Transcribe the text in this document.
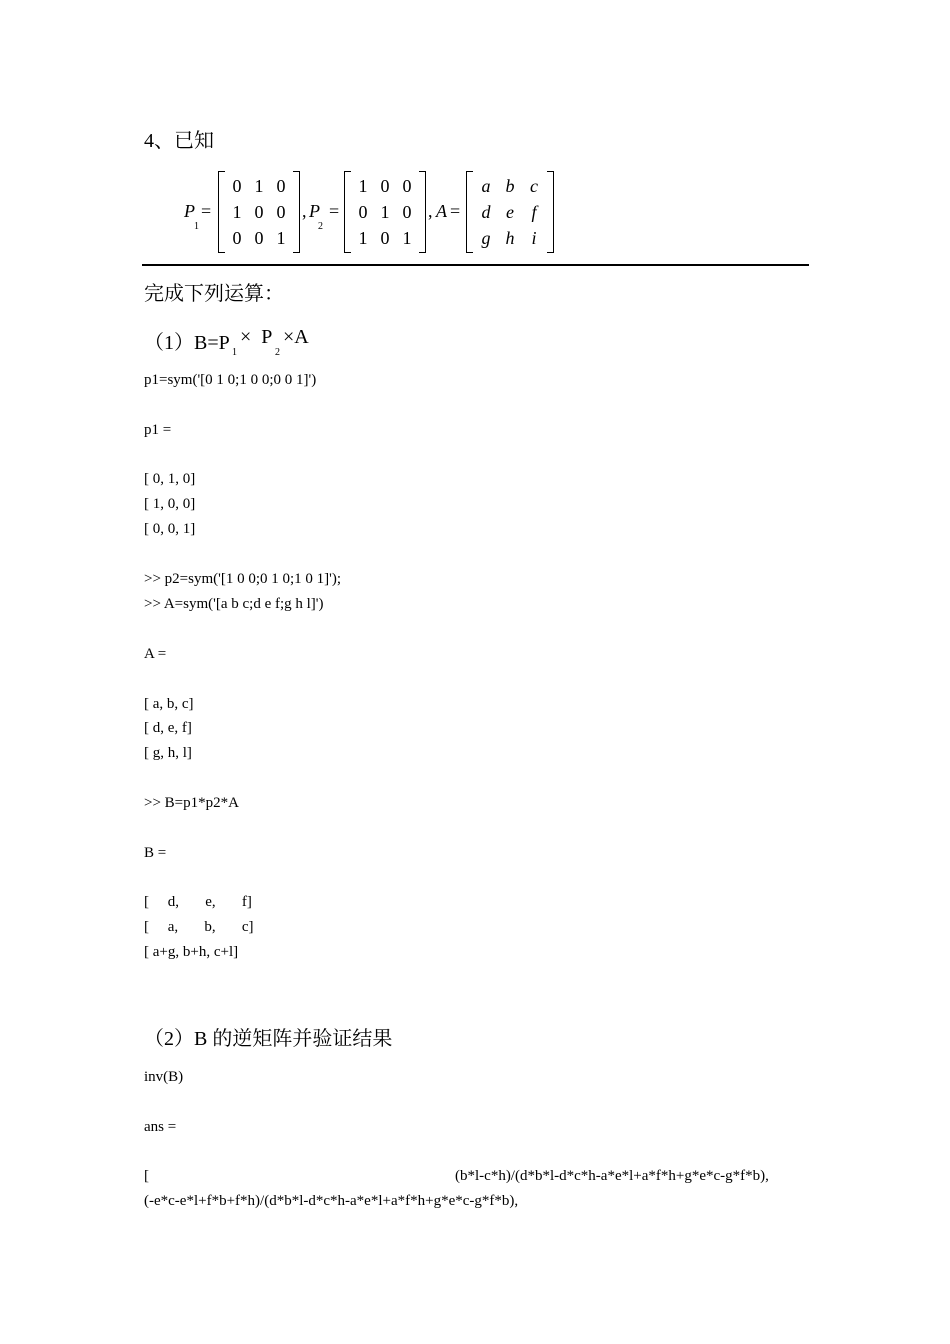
4、已知
P
1
=
0 1 0
1 0 0
0 0 1
, P
2
=
1 0 0
0 1 0
1 0 1
, A =
a b c
d e f
g h i
完成下列运算：

（1）B=P

1

×  P

2

×A

p1=sym('[0 1 0;1 0 0;0 0 1]')
p1 =
[ 0, 1, 0]
[ 1, 0, 0]
[ 0, 0, 1]
>> p2=sym('[1 0 0;0 1 0;1 0 1]');
>> A=sym('[a b c;d e f;g h l]')
A =
[ a, b, c]
[ d, e, f]
[ g, h, l]
>> B=p1*p2*A
B =
[     d,       e,       f]
[     a,       b,       c]
[ a+g, b+h, c+l]
（2）B 的逆矩阵并验证结果
inv(B)
ans =
[	(b*l-c*h)/(d*b*l-d*c*h-a*e*l+a*f*h+g*e*c-g*f*b),
(-e*c-e*l+f*b+f*h)/(d*b*l-d*c*h-a*e*l+a*f*h+g*e*c-g*f*b),
